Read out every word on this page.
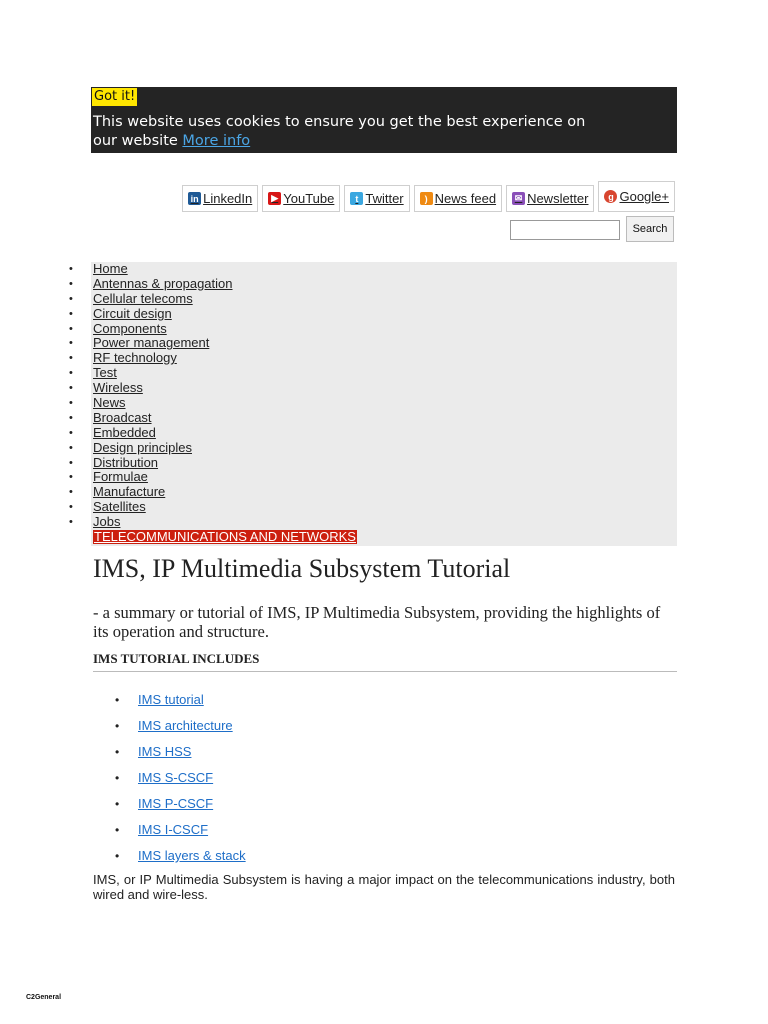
Got it!
This website uses cookies to ensure you get the best experience on our website More info
in LinkedIn	▶ YouTube	t Twitter	) News feed	✉ Newsletter	g Google+
Search
• Home
• Antennas & propagation
• Cellular telecoms
• Circuit design
• Components
• Power management
• RF technology
• Test
• Wireless
• News
• Broadcast
• Embedded
• Design principles
• Distribution
• Formulae
• Manufacture
• Satellites
• Jobs
TELECOMMUNICATIONS AND NETWORKS
IMS, IP Multimedia Subsystem Tutorial

- a summary or tutorial of IMS, IP Multimedia Subsystem, providing the highlights of its operation and structure.

IMS TUTORIAL INCLUDES
• IMS tutorial
• IMS architecture
• IMS HSS
• IMS S-CSCF
• IMS P-CSCF
• IMS I-CSCF
• IMS layers & stack

IMS, or IP Multimedia Subsystem is having a major impact on the telecommunications industry, both wired and wire-less.

C2General
